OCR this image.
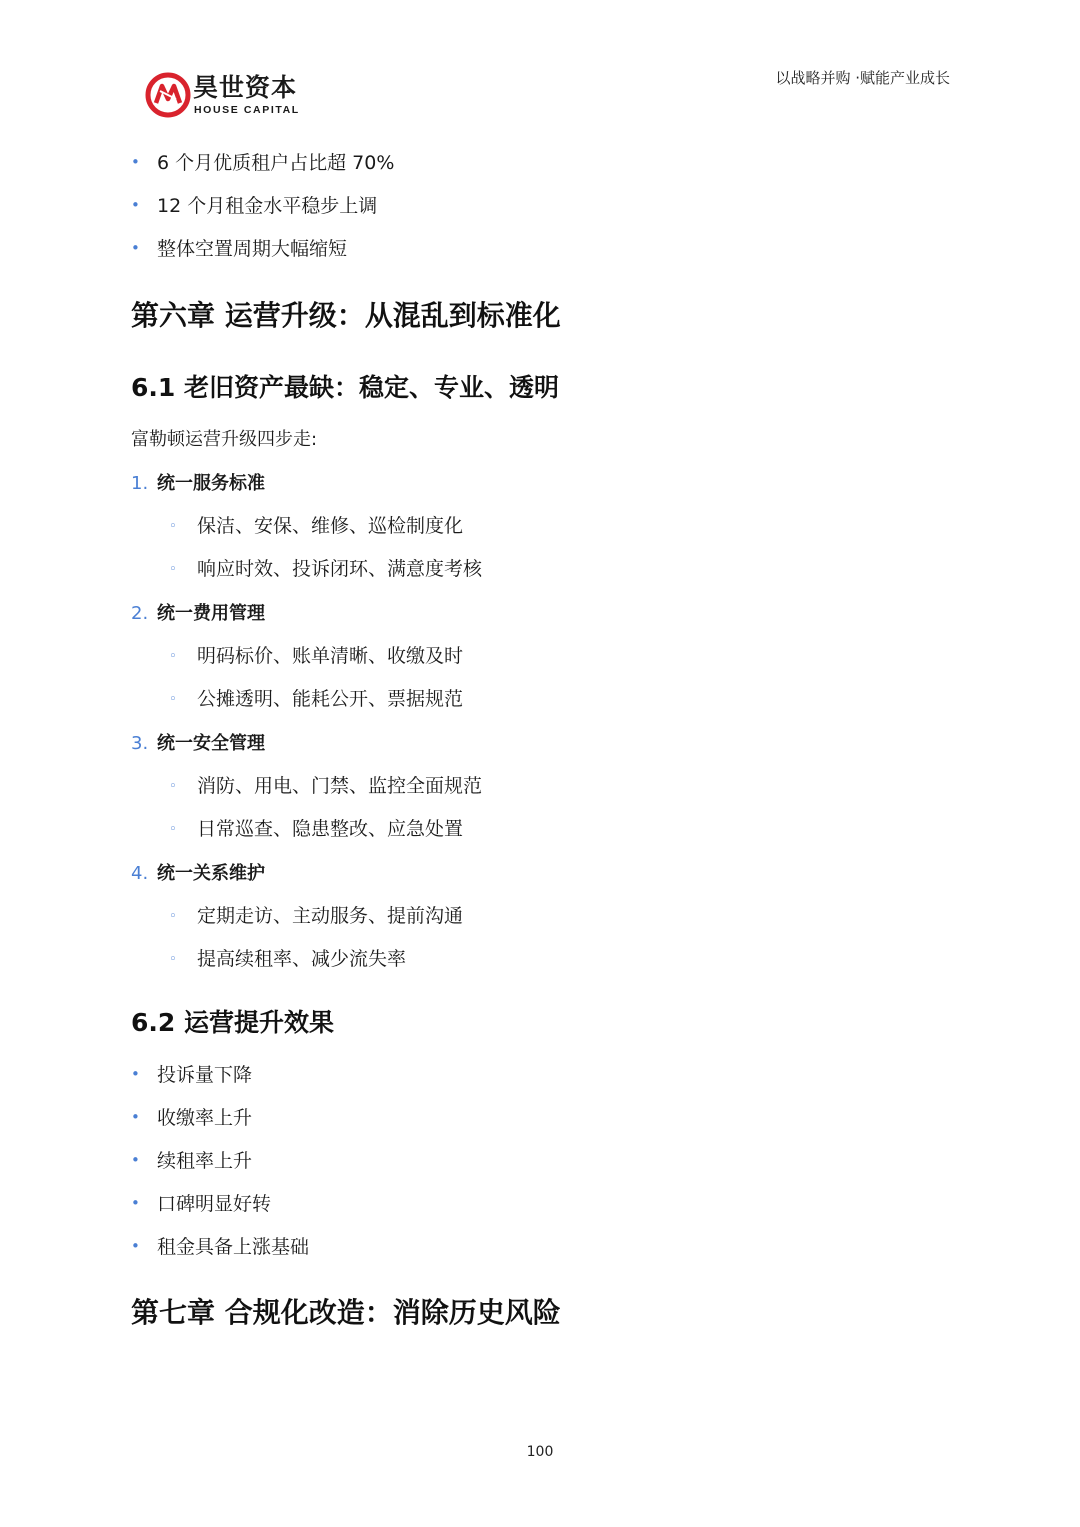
昊世资本
HOUSE CAPITAL
以战略并购 ·赋能产业成长
• 6 个月优质租户占比超 70%
• 12 个月租金水平稳步上调
• 整体空置周期大幅缩短
第六章 运营升级：从混乱到标准化
6.1 老旧资产最缺：稳定、专业、透明
富勒顿运营升级四步走:
1. 统一服务标准
◦ 保洁、安保、维修、巡检制度化
◦ 响应时效、投诉闭环、满意度考核
2. 统一费用管理
◦ 明码标价、账单清晰、收缴及时
◦ 公摊透明、能耗公开、票据规范
3. 统一安全管理
◦ 消防、用电、门禁、监控全面规范
◦ 日常巡查、隐患整改、应急处置
4. 统一关系维护
◦ 定期走访、主动服务、提前沟通
◦ 提高续租率、减少流失率
6.2 运营提升效果
• 投诉量下降
• 收缴率上升
• 续租率上升
• 口碑明显好转
• 租金具备上涨基础
第七章 合规化改造：消除历史风险
100
